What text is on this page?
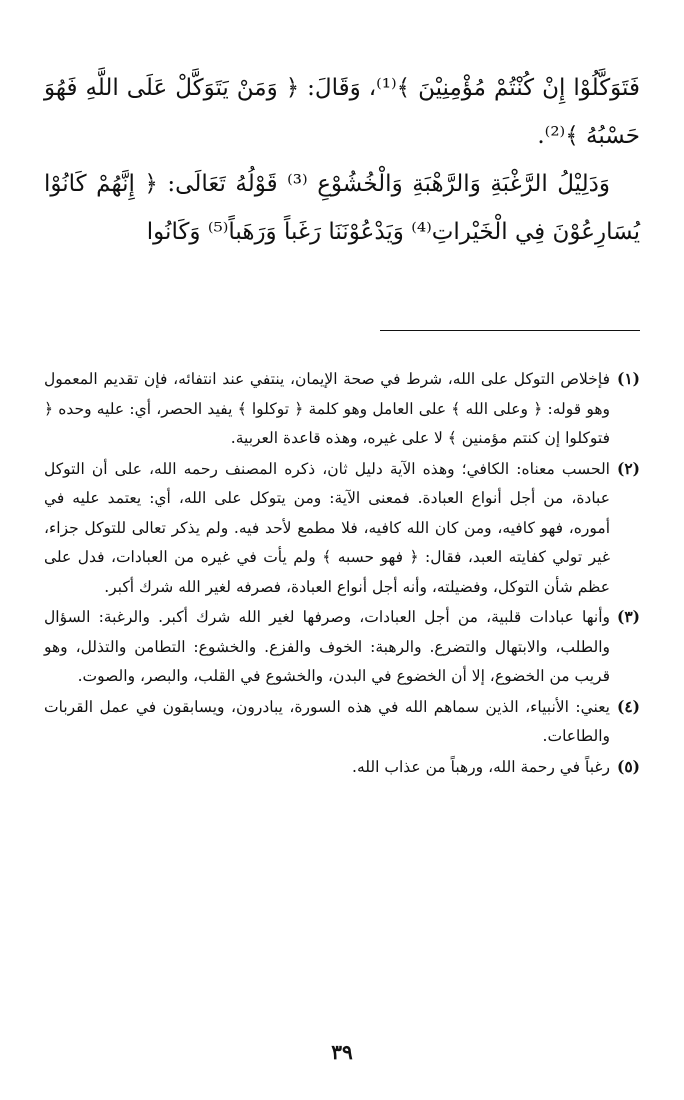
فَتَوَكَّلُوْا إِنْ كُنْتُمْ مُؤْمِنِيْنَ ﴾⁽¹⁾، وَقَالَ: ﴿ وَمَنْ يَتَوَكَّلْ عَلَى اللَّهِ فَهُوَ حَسْبُهُ ﴾⁽²⁾.

وَدَلِيْلُ الرَّغْبَةِ وَالرَّهْبَةِ وَالْخُشُوْعِ ⁽³⁾ قَوْلُهُ تَعَالَى: ﴿ إِنَّهُمْ كَانُوْا يُسَارِعُوْنَ فِي الْخَيْراتِ⁽⁴⁾ وَيَدْعُوْنَنَا رَغَباً وَرَهَباً⁽⁵⁾ وَكَانُوا

(١)فإخلاص التوكل على الله، شرط في صحة الإيمان، ينتفي عند انتفائه، فإن تقديم المعمول وهو قوله: ﴿ وعلى الله ﴾ على العامل وهو كلمة ﴿ توكلوا ﴾ يفيد الحصر، أي: عليه وحده ﴿ فتوكلوا إن كنتم مؤمنين ﴾ لا على غيره، وهذه قاعدة العربية.

(٢)الحسب معناه: الكافي؛ وهذه الآية دليل ثان، ذكره المصنف رحمه الله، على أن التوكل عبادة، من أجل أنواع العبادة. فمعنى الآية: ومن يتوكل على الله، أي: يعتمد عليه في أموره، فهو كافيه، ومن كان الله كافيه، فلا مطمع لأحد فيه. ولم يذكر تعالى للتوكل جزاء، غير تولي كفايته العبد، فقال: ﴿ فهو حسبه ﴾ ولم يأت في غيره من العبادات، فدل على عظم شأن التوكل، وفضيلته، وأنه أجل أنواع العبادة، فصرفه لغير الله شرك أكبر.

(٣)وأنها عبادات قلبية، من أجل العبادات، وصرفها لغير الله شرك أكبر. والرغبة: السؤال والطلب، والابتهال والتضرع. والرهبة: الخوف والفزع. والخشوع: التطامن والتذلل، وهو قريب من الخضوع، إلا أن الخضوع في البدن، والخشوع في القلب، والبصر، والصوت.

(٤)يعني: الأنبياء، الذين سماهم الله في هذه السورة، يبادرون، ويسابقون في عمل القربات والطاعات.

(٥)رغباً في رحمة الله، ورهباً من عذاب الله.

٣٩
